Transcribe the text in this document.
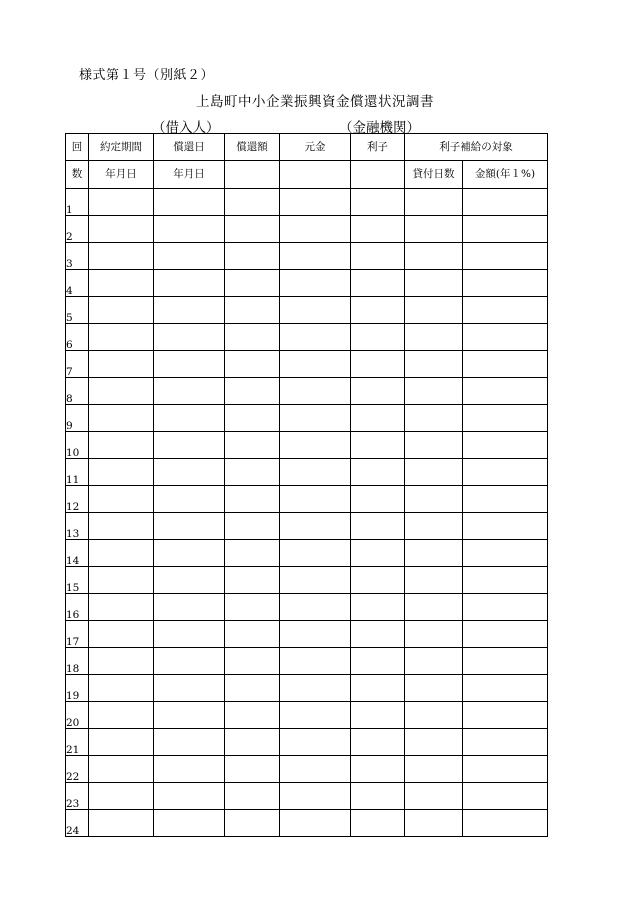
様式第１号（別紙２）
上島町中小企業振興資金償還状況調書
（借入人）	（金融機関）
回	約定期間	償還日	償還額	元金	利子	利子補給の対象	
数	年月日	年月日				貸付日数	金額(年１%)
1							
2							
3							
4							
5							
6							
7							
8							
9							
10							
11							
12							
13							
14							
15							
16							
17							
18							
19							
20							
21							
22							
23							
24							
